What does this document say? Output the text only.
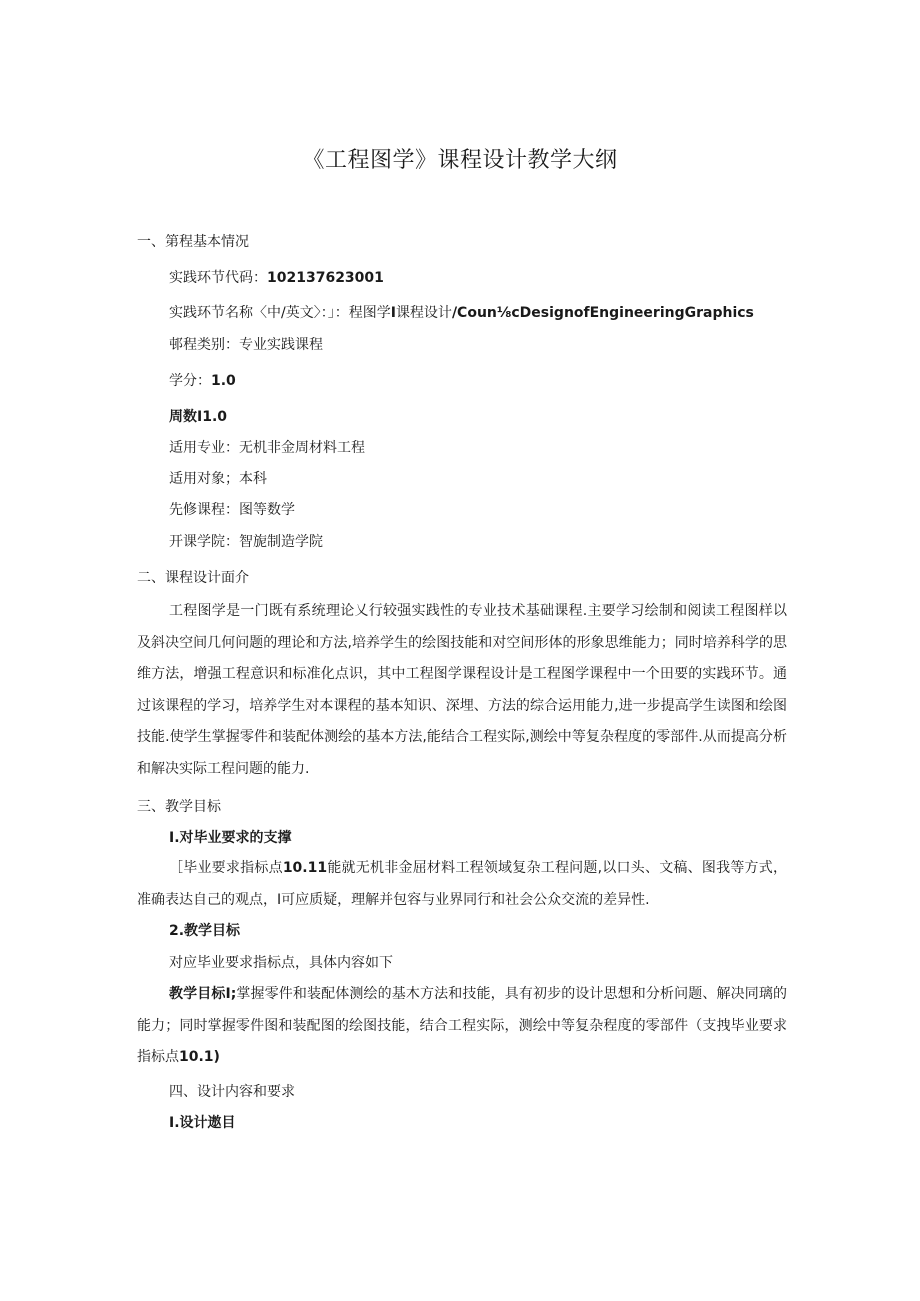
《工程图学》课程设计教学大纲
一、第程基本情况
实践环节代码：102137623001
实践环节名称〈中/英文〉：」：程图学I课程设计/Coun⅛cDesignofEngineeringGraphics
邨程类别：专业实践课程
学分：1.0
周数I1.0
适用专业：无机非金周材料工程
适用对象；本科
先修课程：图等数学
开课学院：智旎制造学院
二、课程设计面介
工程图学是一门既有系统理论乂行较强实践性的专业技术基础课程.主要学习绘制和阅读工程图样以及斜决空间几何问题的理论和方法,培养学生的绘图技能和对空间形体的形象思维能力；同时培养科学的思维方法，增强工程意识和标准化点识，其中工程图学课程设计是工程图学课程中一个田要的实践环节。通过该课程的学习，培养学生对本课程的基本知识、深埋、方法的综合运用能力,进一步提高学生读图和绘图技能.使学生掌握零件和装配体测绘的基本方法,能结合工程实际,测绘中等复杂程度的零部件.从而提高分析和解决实际工程问题的能力.
三、教学目标
I.对毕业要求的支撑
［毕业要求指标点10.11能就无机非金屈材料工程领域复杂工程问题,以口头、文稿、图我等方式，准确表达自己的观点，I可应质疑，理解并包容与业界同行和社会公众交流的差异性.
2.教学目标
对应毕业要求指标点，具体内容如下
教学目标I;掌握零件和装配体测绘的基木方法和技能，具有初步的设计思想和分析问题、解决同璃的能力；同时掌握零件图和装配图的绘图技能，结合工程实际，测绘中等复杂程度的零部件（支拽毕业要求指标点10.1)
四、设计内容和要求
I.设计遨目
